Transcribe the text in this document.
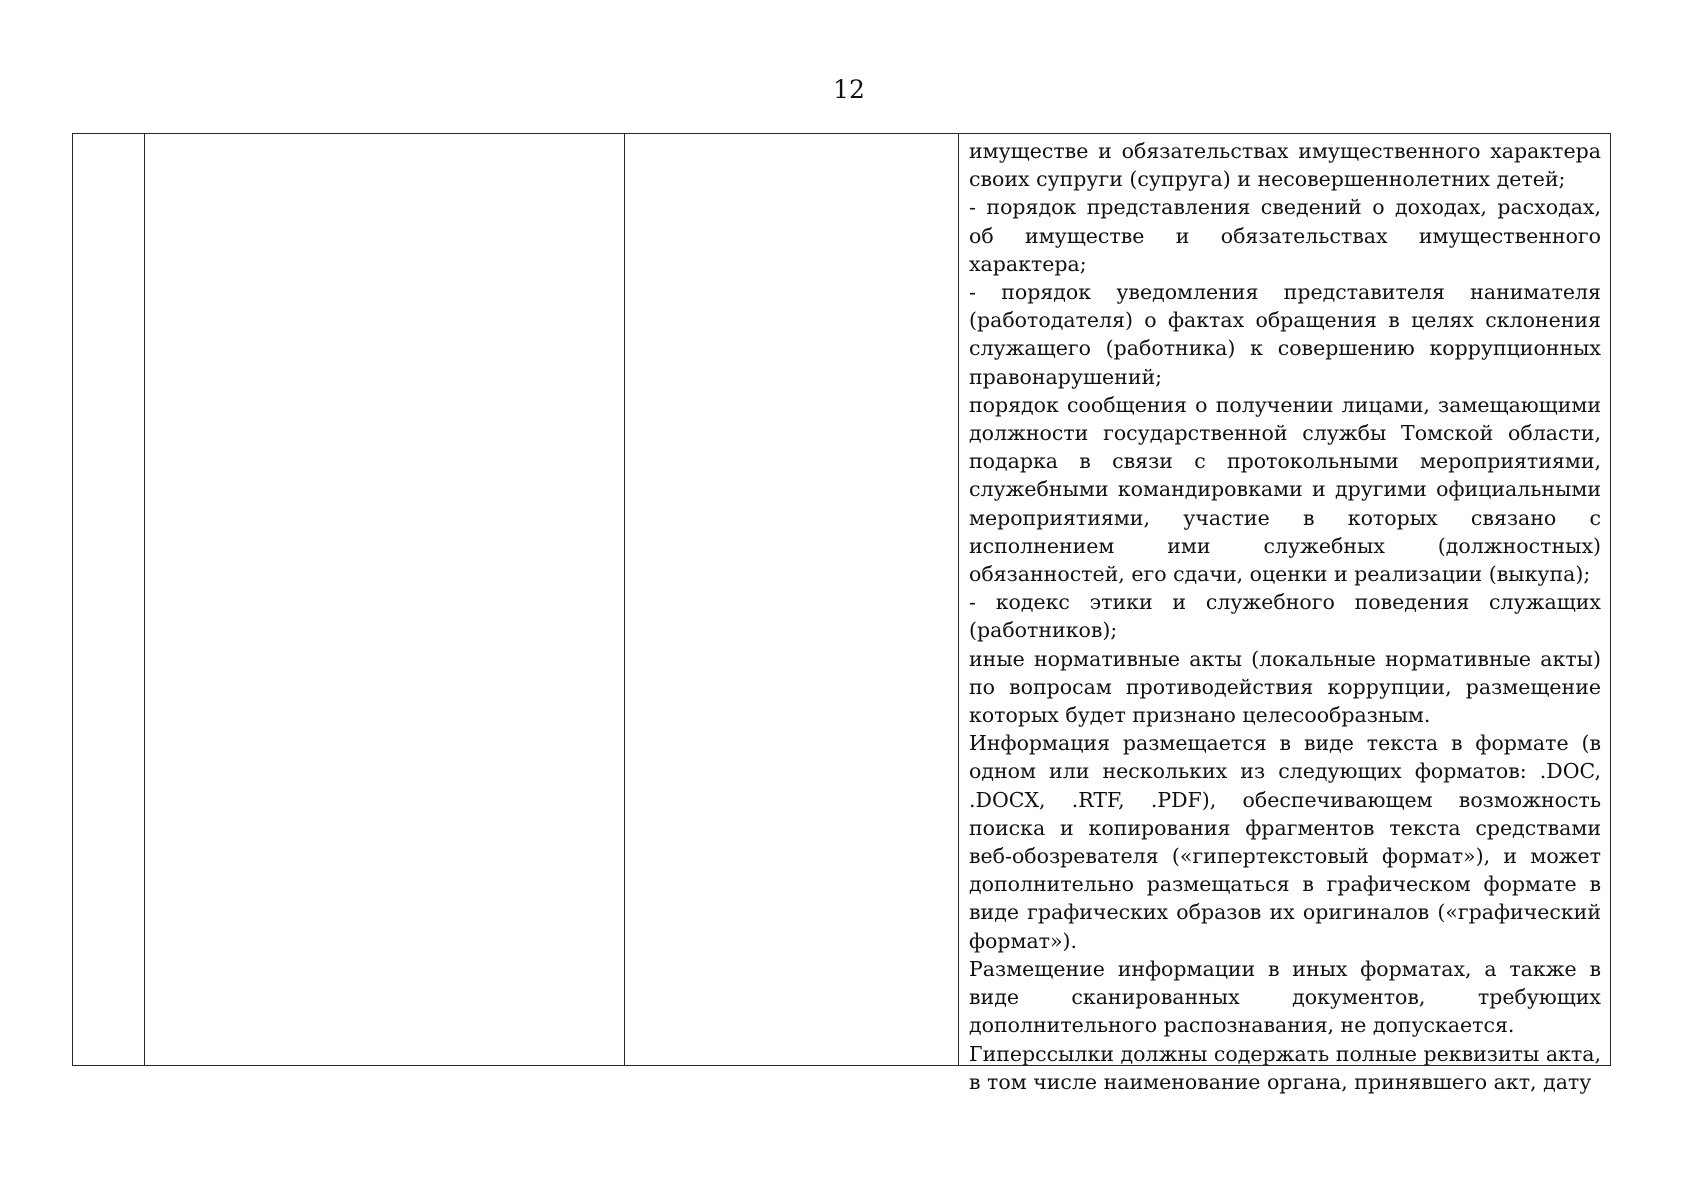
12

имуществе и обязательствах имущественного характера своих супруги (супруга) и несовершеннолетних детей;

- порядок представления сведений о доходах, расходах, об имуществе и обязательствах имущественного характера;

- порядок уведомления представителя нанимателя (работодателя) о фактах обращения в целях склонения служащего (работника) к совершению коррупционных правонарушений;

порядок сообщения о получении лицами, замещающими должности государственной службы Томской области, подарка в связи с протокольными мероприятиями, служебными командировками и другими официальными мероприятиями, участие в которых связано с исполнением ими служебных (должностных) обязанностей, его сдачи, оценки и реализации (выкупа);

- кодекс этики и служебного поведения служащих (работников);

иные нормативные акты (локальные нормативные акты) по вопросам противодействия коррупции, размещение которых будет признано целесообразным.

Информация размещается в виде текста в формате (в одном или нескольких из следующих форматов: .DOC, .DOCX, .RTF, .PDF), обеспечивающем возможность поиска и копирования фрагментов текста средствами веб-обозревателя («гипертекстовый формат»), и может дополнительно размещаться в графическом формате в виде графических образов их оригиналов («графический формат»).

Размещение информации в иных форматах, а также в виде сканированных документов, требующих дополнительного распознавания, не допускается.

Гиперссылки должны содержать полные реквизиты акта, в том числе наименование органа, принявшего акт, дату
